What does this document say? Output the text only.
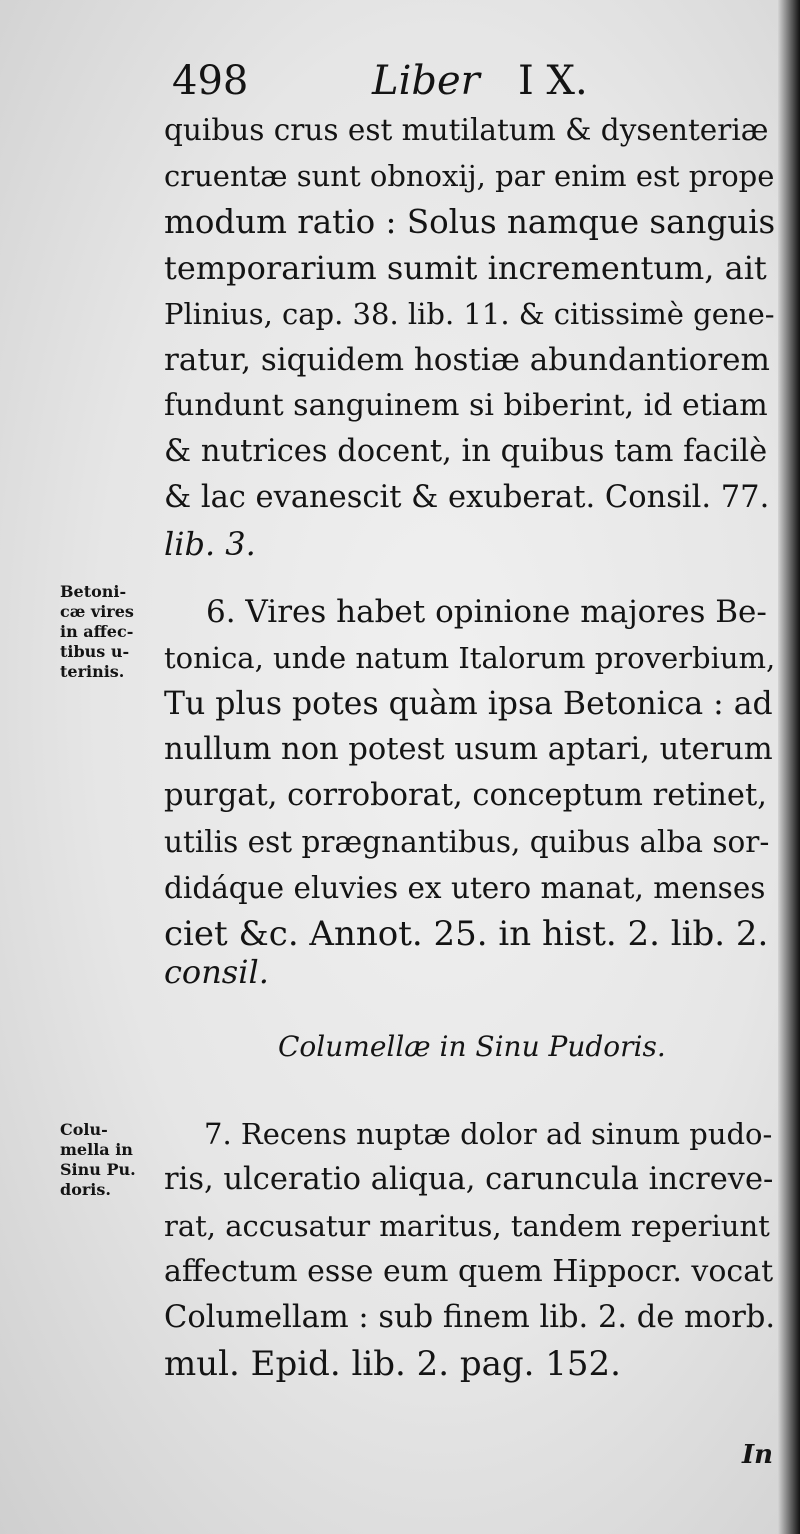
498	Liber I X.
quibus crus est mutilatum & dysenteriæ
cruentæ sunt obnoxij, par enim est prope
modum ratio : Solus namque sanguis
temporarium sumit incrementum, ait
Plinius, cap. 38. lib. 11. & citissimè gene-
ratur, siquidem hostiæ abundantiorem
fundunt sanguinem si biberint, id etiam
& nutrices docent, in quibus tam facilè
& lac evanescit & exuberat. Consil. 77.
lib. 3.
Betoni-
cæ vires
in affec-
tibus u-
terinis.
6. Vires habet opinione majores Be-
tonica, unde natum Italorum proverbium,
Tu plus potes quàm ipsa Betonica : ad
nullum non potest usum aptari, uterum
purgat, corroborat, conceptum retinet,
utilis est prægnantibus, quibus alba sor-
didáque eluvies ex utero manat, menses
ciet &c. Annot. 25. in hist. 2. lib. 2.
consil.
Columellæ in Sinu Pudoris.
Colu-
mella in
Sinu Pu.
doris.
7. Recens nuptæ dolor ad sinum pudo-
ris, ulceratio aliqua, caruncula increve-
rat, accusatur maritus, tandem reperiunt
affectum esse eum quem Hippocr. vocat
Columellam : sub finem lib. 2. de morb.
mul. Epid. lib. 2. pag. 152.
In
